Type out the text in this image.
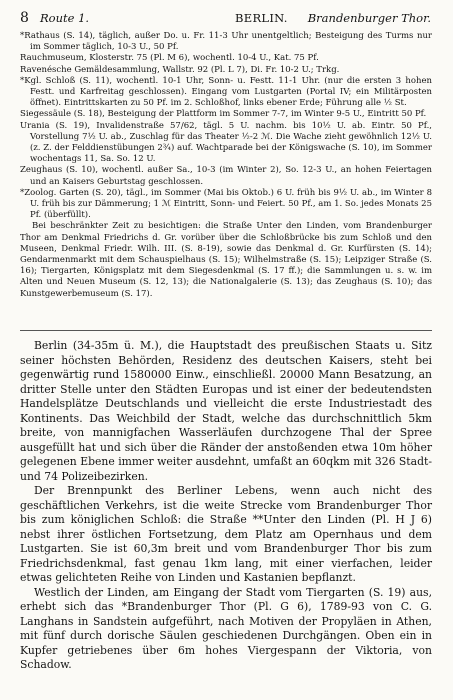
8 Route 1.	BERLIN. Brandenburger Thor.

*Rathaus (S. 14), täglich, außer Do. u. Fr. 11-3 Uhr unentgeltlich; Besteigung des Turms nur im Sommer täglich, 10-3 U., 50 Pf.

Rauchmuseum, Klosterstr. 75 (Pl. M 6), wochentl. 10-4 U., Kat. 75 Pf.

Ravenésche Gemäldesammlung, Wallstr. 92 (Pl. L 7), Di. Fr. 10-2 U.; Trkg.

*Kgl. Schloß (S. 11), wochentl. 10-1 Uhr, Sonn- u. Festt. 11-1 Uhr. (nur die ersten 3 hohen Festt. und Karfreitag geschlossen). Eingang vom Lustgarten (Portal IV; ein Militärposten öffnet). Eintrittskarten zu 50 Pf. im 2. Schloßhof, links ebener Erde; Führung alle ½ St.

Siegessäule (S. 18), Besteigung der Plattform im Sommer 7-7, im Winter 9-5 U., Eintritt 50 Pf.

Urania (S. 19), Invalidenstraße 57/62, tägl. 5 U. nachm. bis 10½ U. ab. Eintr. 50 Pf., Vorstellung 7½ U. ab., Zuschlag für das Theater ½-2 ℳ. Die Wache zieht gewöhnlich 12½ U. (z. Z. der Felddienstübungen 2¾) auf. Wachtparade bei der Königswache (S. 10), im Sommer wochentags 11, Sa. So. 12 U.

Zeughaus (S. 10), wochentl. außer Sa., 10-3 (im Winter 2), So. 12-3 U., an hohen Feiertagen und an Kaisers Geburtstag geschlossen.

*Zoolog. Garten (S. 20), tägl., im Sommer (Mai bis Oktob.) 6 U. früh bis 9½ U. ab., im Winter 8 U. früh bis zur Dämmerung; 1 ℳ Eintritt, Sonn- und Feiert. 50 Pf., am 1. So. jedes Monats 25 Pf. (überfüllt).

Bei beschränkter Zeit zu besichtigen: die Straße Unter den Linden, vom Brandenburger Thor am Denkmal Friedrichs d. Gr. vorüber über die Schloßbrücke bis zum Schloß und den Museen, Denkmal Friedr. Wilh. III. (S. 8-19), sowie das Denkmal d. Gr. Kurfürsten (S. 14); Gendarmenmarkt mit dem Schauspielhaus (S. 15); Wilhelmstraße (S. 15); Leipziger Straße (S. 16); Tiergarten, Königsplatz mit dem Siegesdenkmal (S. 17 ff.); die Sammlungen u. s. w. im Alten und Neuen Museum (S. 12, 13); die Nationalgalerie (S. 13); das Zeughaus (S. 10); das Kunstgewerbemuseum (S. 17).

Berlin (34-35m ü. M.), die Hauptstadt des preußischen Staats u. Sitz seiner höchsten Behörden, Residenz des deutschen Kaisers, steht bei gegenwärtig rund 1580000 Einw., einschließl. 20000 Mann Besatzung, an dritter Stelle unter den Städten Europas und ist einer der bedeutendsten Handelsplätze Deutschlands und vielleicht die erste Industriestadt des Kontinents. Das Weichbild der Stadt, welche das durchschnittlich 5km breite, von mannigfachen Wasserläufen durchzogene Thal der Spree ausgefüllt hat und sich über die Ränder der anstoßenden etwa 10m höher gelegenen Ebene immer weiter ausdehnt, umfaßt an 60qkm mit 326 Stadt- und 74 Polizeibezirken.

Der Brennpunkt des Berliner Lebens, wenn auch nicht des geschäftlichen Verkehrs, ist die weite Strecke vom Brandenburger Thor bis zum königlichen Schloß: die Straße **Unter den Linden (Pl. H J 6) nebst ihrer östlichen Fortsetzung, dem Platz am Opernhaus und dem Lustgarten. Sie ist 60,3m breit und vom Brandenburger Thor bis zum Friedrichsdenkmal, fast genau 1km lang, mit einer vierfachen, leider etwas gelichteten Reihe von Linden und Kastanien bepflanzt.

Westlich der Linden, am Eingang der Stadt vom Tiergarten (S. 19) aus, erhebt sich das *Brandenburger Thor (Pl. G 6), 1789-93 von C. G. Langhans in Sandstein aufgeführt, nach Motiven der Propyläen in Athen, mit fünf durch dorische Säulen geschiedenen Durchgängen. Oben ein in Kupfer getriebenes über 6m hohes Viergespann der Viktoria, von Schadow.
